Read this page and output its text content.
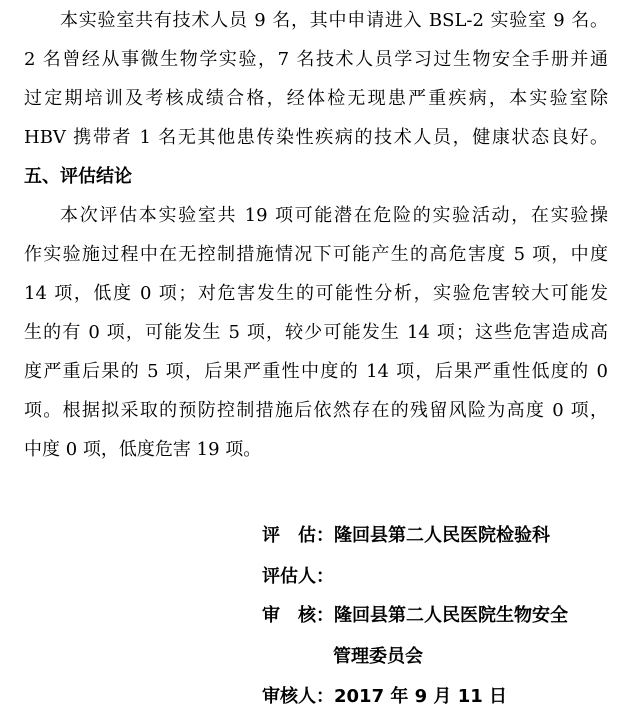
本实验室共有技术人员 9 名，其中申请进入 BSL-2 实验室 9 名。
2 名曾经从事微生物学实验，7 名技术人员学习过生物安全手册并通
过定期培训及考核成绩合格，经体检无现患严重疾病，本实验室除
HBV 携带者 1 名无其他患传染性疾病的技术人员，健康状态良好。
五、评估结论
本次评估本实验室共 19 项可能潜在危险的实验活动，在实验操
作实验施过程中在无控制措施情况下可能产生的高危害度 5 项，中度
14 项，低度 0 项；对危害发生的可能性分析，实验危害较大可能发
生的有 0 项，可能发生 5 项，较少可能发生 14 项；这些危害造成高
度严重后果的 5 项，后果严重性中度的 14 项，后果严重性低度的 0
项。根据拟采取的预防控制措施后依然存在的残留风险为高度 0 项，
中度 0 项，低度危害 19 项。
评　估：隆回县第二人民医院检验科
评估人：
审　核：隆回县第二人民医院生物安全
管理委员会
审核人：2017 年 9 月 11 日
